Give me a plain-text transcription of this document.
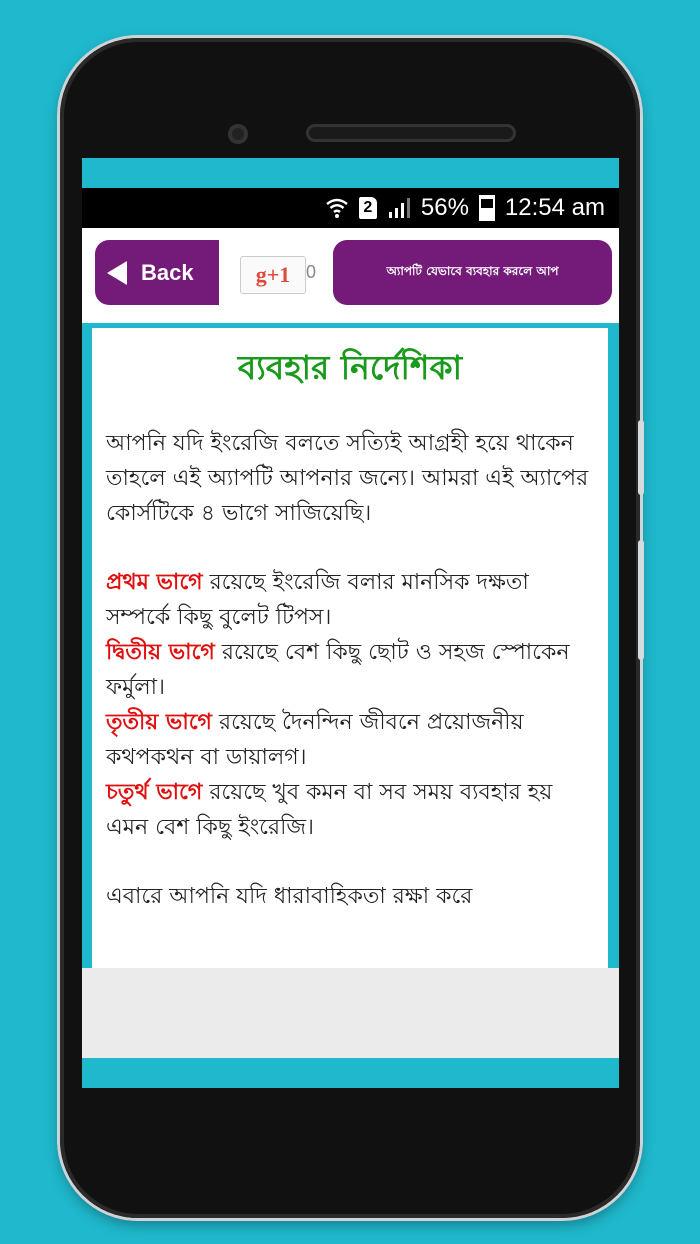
2 56% 12:54 am
Back	g+1 0	অ্যাপটি যেভাবে ব্যবহার করলে আপ
ব্যবহার নির্দেশিকা

আপনি যদি ইংরেজি বলতে সত্যিই আগ্রহী হয়ে থাকেন তাহলে এই অ্যাপটি আপনার জন্যে। আমরা এই অ্যাপের কোর্সটিকে ৪ ভাগে সাজিয়েছি।

প্রথম ভাগে রয়েছে ইংরেজি বলার মানসিক দক্ষতা সম্পর্কে কিছু বুলেট টিপস।
দ্বিতীয় ভাগে রয়েছে বেশ কিছু ছোট ও সহজ স্পোকেন ফর্মুলা।
তৃতীয় ভাগে রয়েছে দৈনন্দিন জীবনে প্রয়োজনীয় কথপকথন বা ডায়ালগ।
চতুর্থ ভাগে রয়েছে খুব কমন বা সব সময় ব্যবহার হয় এমন বেশ কিছু ইংরেজি।

এবারে আপনি যদি ধারাবাহিকতা রক্ষা করে
